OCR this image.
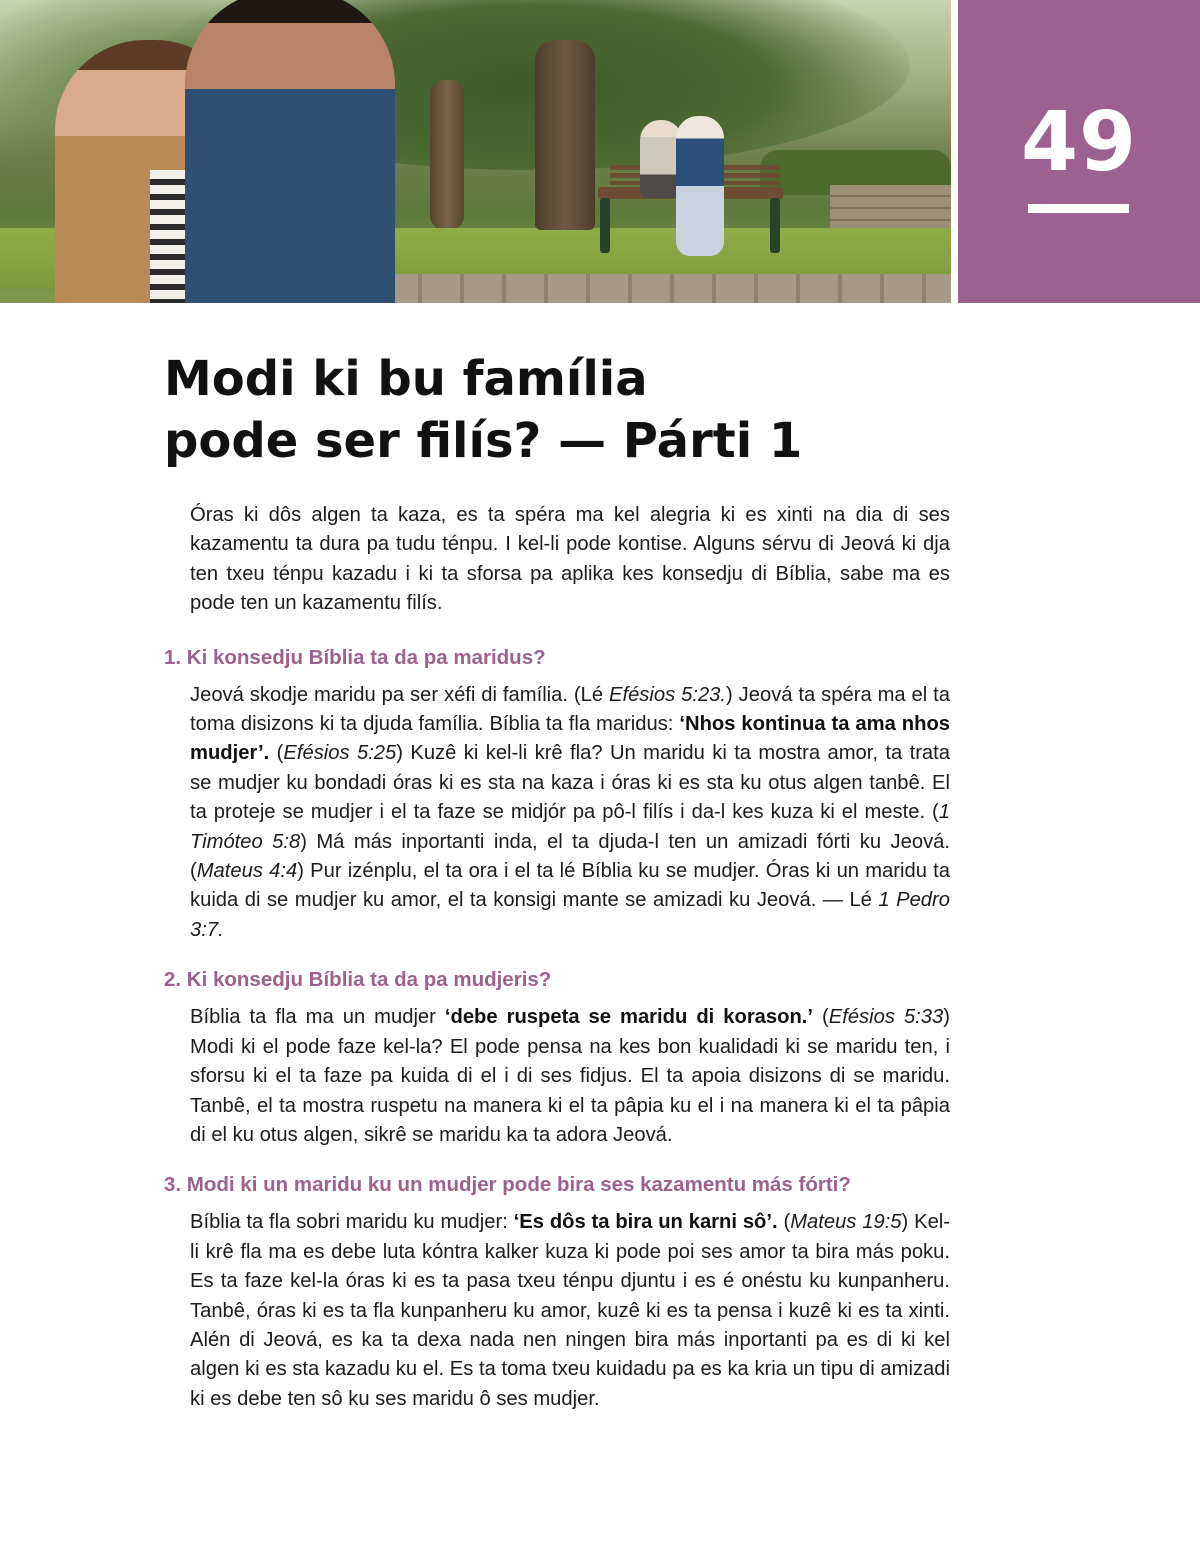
49
Modi ki bu família
pode ser filís? — Párti 1

Óras ki dôs algen ta kaza, es ta spéra ma kel alegria ki es xinti na dia di ses kazamentu ta dura pa tudu ténpu. I kel-li pode kontise. Alguns sérvu di Jeová ki dja ten txeu ténpu kazadu i ki ta sforsa pa aplika kes konsedju di Bíblia, sabe ma es pode ten un kazamentu filís.

1. Ki konsedju Bíblia ta da pa maridus?

Jeová skodje maridu pa ser xéfi di família. (Lé Efésios 5:23.) Jeová ta spéra ma el ta toma disizons ki ta djuda família. Bíblia ta fla maridus: ‘Nhos kontinua ta ama nhos mudjer’. (Efésios 5:25) Kuzê ki kel-li krê fla? Un maridu ki ta mostra amor, ta trata se mudjer ku bondadi óras ki es sta na kaza i óras ki es sta ku otus algen tanbê. El ta proteje se mudjer i el ta faze se midjór pa pô-l filís i da-l kes kuza ki el meste. (1 Timóteo 5:8) Má más inportanti inda, el ta djuda-l ten un amizadi fórti ku Jeová. (Mateus 4:4) Pur izénplu, el ta ora i el ta lé Bíblia ku se mudjer. Óras ki un maridu ta kuida di se mudjer ku amor, el ta konsigi mante se amizadi ku Jeová. — Lé 1 Pedro 3:7.

2. Ki konsedju Bíblia ta da pa mudjeris?

Bíblia ta fla ma un mudjer ‘debe ruspeta se maridu di korason.’ (Efésios 5:33) Modi ki el pode faze kel-la? El pode pensa na kes bon kualidadi ki se maridu ten, i sforsu ki el ta faze pa kuida di el i di ses fidjus. El ta apoia disizons di se maridu. Tanbê, el ta mostra ruspetu na manera ki el ta pâpia ku el i na manera ki el ta pâpia di el ku otus algen, sikrê se maridu ka ta adora Jeová.

3. Modi ki un maridu ku un mudjer pode bira ses kazamentu más fórti?

Bíblia ta fla sobri maridu ku mudjer: ‘Es dôs ta bira un karni sô’. (Mateus 19:5) Kel-li krê fla ma es debe luta kóntra kalker kuza ki pode poi ses amor ta bira más poku. Es ta faze kel-la óras ki es ta pasa txeu ténpu djuntu i es é onéstu ku kunpanheru. Tanbê, óras ki es ta fla kunpanheru ku amor, kuzê ki es ta pensa i kuzê ki es ta xinti. Alén di Jeová, es ka ta dexa nada nen ningen bira más inportanti pa es di ki kel algen ki es sta kazadu ku el. Es ta toma txeu kuidadu pa es ka kria un tipu di amizadi ki es debe ten sô ku ses maridu ô ses mudjer.
